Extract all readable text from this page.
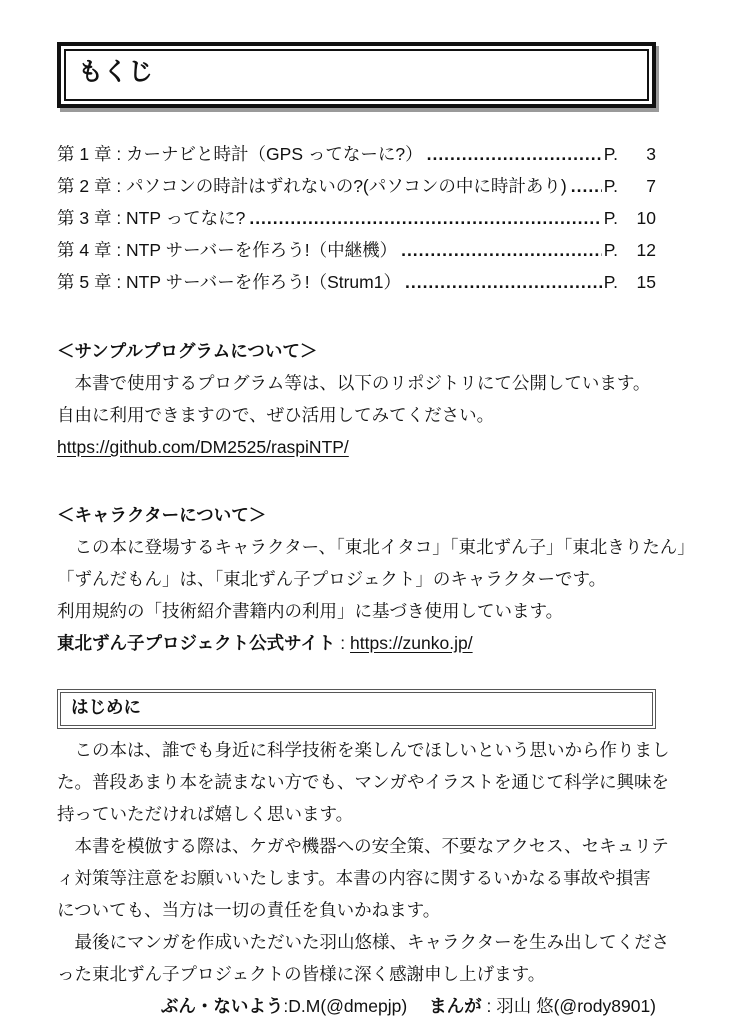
もくじ
第 1 章 : カーナビと時計（GPS ってなーに?） .....	P.	3
第 2 章 : パソコンの時計はずれないの?(パソコンの中に時計あり) ..... P.	7
第 3 章 : NTP ってなに? .....	P.	10
第 4 章 : NTP サーバーを作ろう!（中継機） .....	P.	12
第 5 章 : NTP サーバーを作ろう!（Strum1） .....	P.	15
＜サンプルプログラムについて＞
　本書で使用するプログラム等は、以下のリポジトリにて公開しています。
自由に利用できますので、ぜひ活用してみてください。
https://github.com/DM2525/raspiNTP/
＜キャラクターについて＞
　この本に登場するキャラクター、「東北イタコ」「東北ずん子」「東北きりたん」
「ずんだもん」は、「東北ずん子プロジェクト」のキャラクターです。
利用規約の「技術紹介書籍内の利用」に基づき使用しています。
東北ずん子プロジェクト公式サイト : https://zunko.jp/
はじめに
　この本は、誰でも身近に科学技術を楽しんでほしいという思いから作りまし
た。普段あまり本を読まない方でも、マンガやイラストを通じて科学に興味を
持っていただければ嬉しく思います。
　本書を模倣する際は、ケガや機器への安全策、不要なアクセス、セキュリテ
ィ対策等注意をお願いいたします。本書の内容に関するいかなる事故や損害
についても、当方は一切の責任を負いかねます。
　最後にマンガを作成いただいた羽山悠様、キャラクターを生み出してくださ
った東北ずん子プロジェクトの皆様に深く感謝申し上げます。
ぶん・ないよう:D.M(@dmepjp) まんが : 羽山 悠(@rody8901)
